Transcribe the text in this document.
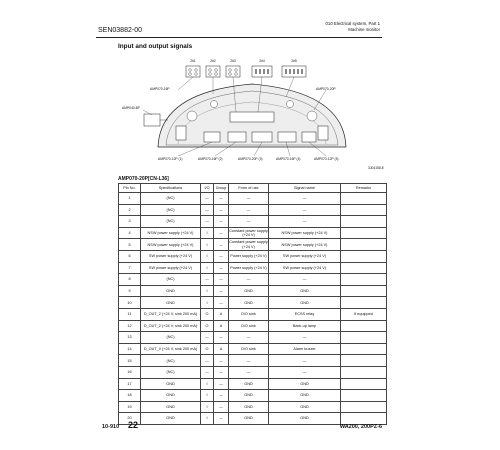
SEN03882-00
010 Electrical system, Part 1
Machine monitor
Input and output signals
2#1	2#2	2#3	2#4	2#5
AMP070-16P	AMP070-20P
AMP040-8P
AMP070-12P (1)	AMP070-16P (2)	AMP070-20P (3)	AMP070-16P (4)	AMP070-12P (5)
3J04158-E
AMP070-20P[CN-L36]
Pin No.	Specifications	I/O	Group	Form of use	Signal name	Remarks
1	(NC)	—	—	—	—	
2	(NC)	—	—	—	—	
3	(NC)	—	—	—	—	
4	NSW power supply (+24 V)	I	—	Constant power supply (+24 V)	NSW power supply (+24 V)	
5	NSW power supply (+24 V)	I	—	Constant power supply (+24 V)	NSW power supply (+24 V)	
6	SW power supply (+24 V)	I	—	Power supply (+24 V)	SW power supply (+24 V)	
7	SW power supply (+24 V)	I	—	Power supply (+24 V)	SW power supply (+24 V)	
8	(NC)	—	—	—	—	
9	GND	I	—	GND	GND	
10	GND	I	—	GND	GND	
11	D_OUT_2 (+24 V, sink 200 mA)	O	A	D/O sink	ECSS relay	If equipped
12	D_OUT_2 (+24 V, sink 200 mA)	O	A	D/O sink	Back-up lamp	
13	(NC)	—	—	—	—	
14	D_OUT_0 (+24 V, sink 200 mA)	O	A	D/O sink	Alarm buzzer	
15	(NC)	—	—	—	—	
16	(NC)	—	—	—	—	
17	GND	I	—	GND	GND	
18	GND	I	—	GND	GND	
19	GND	I	—	GND	GND	
20	GND	I	—	GND	GND	
10-910 22	WA200, 200PZ-6
